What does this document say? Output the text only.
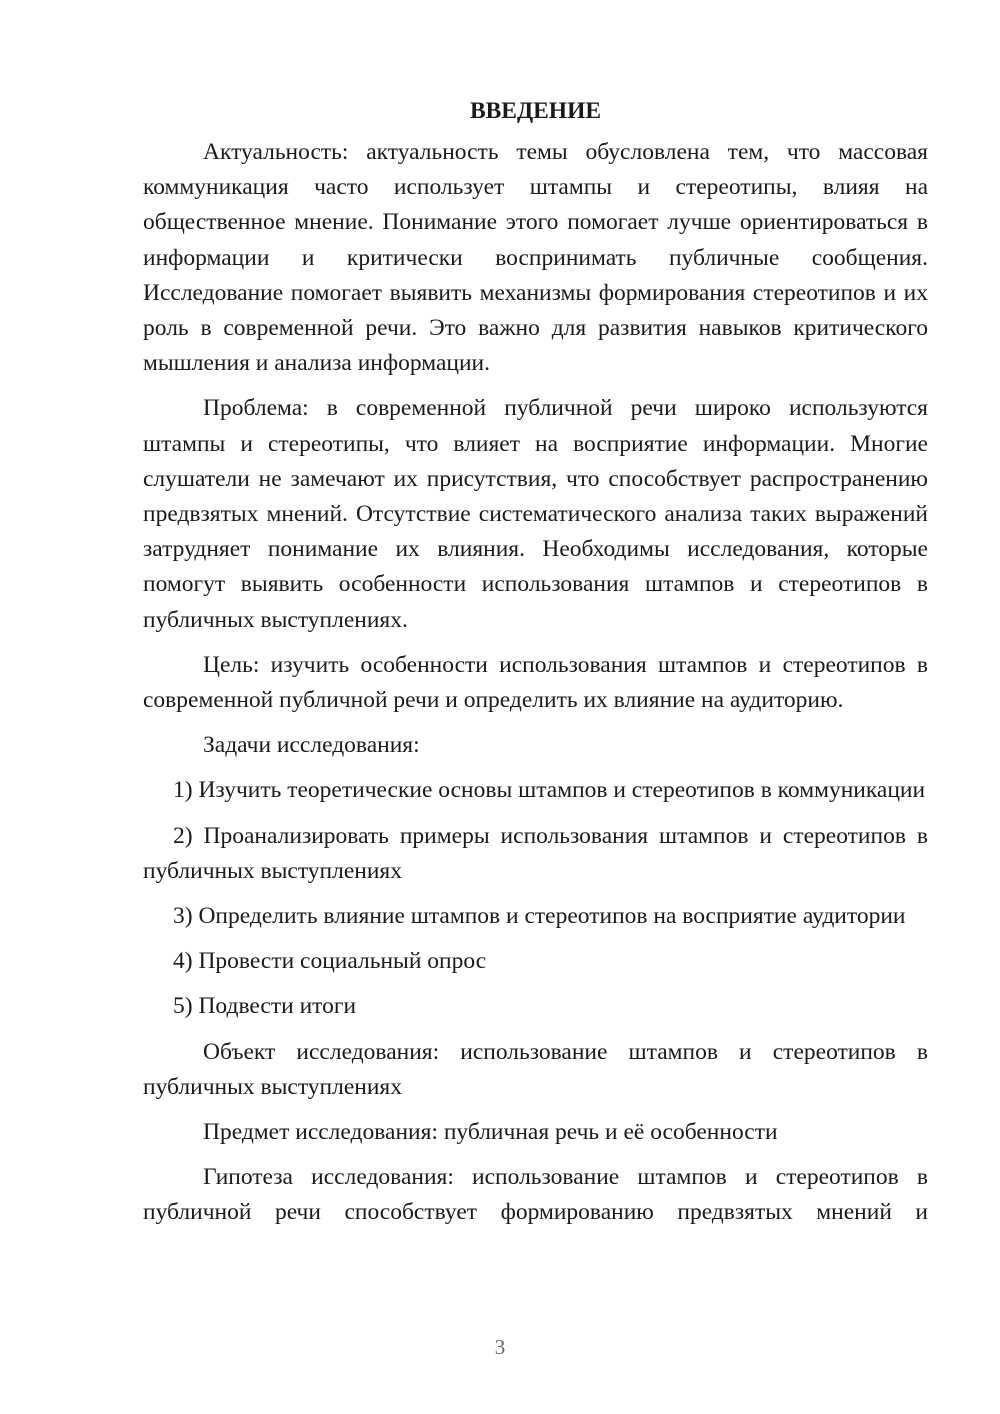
ВВЕДЕНИЕ

Актуальность: актуальность темы обусловлена тем, что массовая коммуникация часто использует штампы и стереотипы, влияя на общественное мнение. Понимание этого помогает лучше ориентироваться в информации и критически воспринимать публичные сообщения. Исследование помогает выявить механизмы формирования стереотипов и их роль в современной речи. Это важно для развития навыков критического мышления и анализа информации.

Проблема: в современной публичной речи широко используются штампы и стереотипы, что влияет на восприятие информации. Многие слушатели не замечают их присутствия, что способствует распространению предвзятых мнений. Отсутствие систематического анализа таких выражений затрудняет понимание их влияния. Необходимы исследования, которые помогут выявить особенности использования штампов и стереотипов в публичных выступлениях.

Цель: изучить особенности использования штампов и стереотипов в современной публичной речи и определить их влияние на аудиторию.

Задачи исследования:

1) Изучить теоретические основы штампов и стереотипов в коммуникации

2) Проанализировать примеры использования штампов и стереотипов в публичных выступлениях

3) Определить влияние штампов и стереотипов на восприятие аудитории

4) Провести социальный опрос

5) Подвести итоги

Объект исследования: использование штампов и стереотипов в публичных выступлениях

Предмет исследования: публичная речь и её особенности

Гипотеза исследования: использование штампов и стереотипов в публичной речи способствует формированию предвзятых мнений и

3
